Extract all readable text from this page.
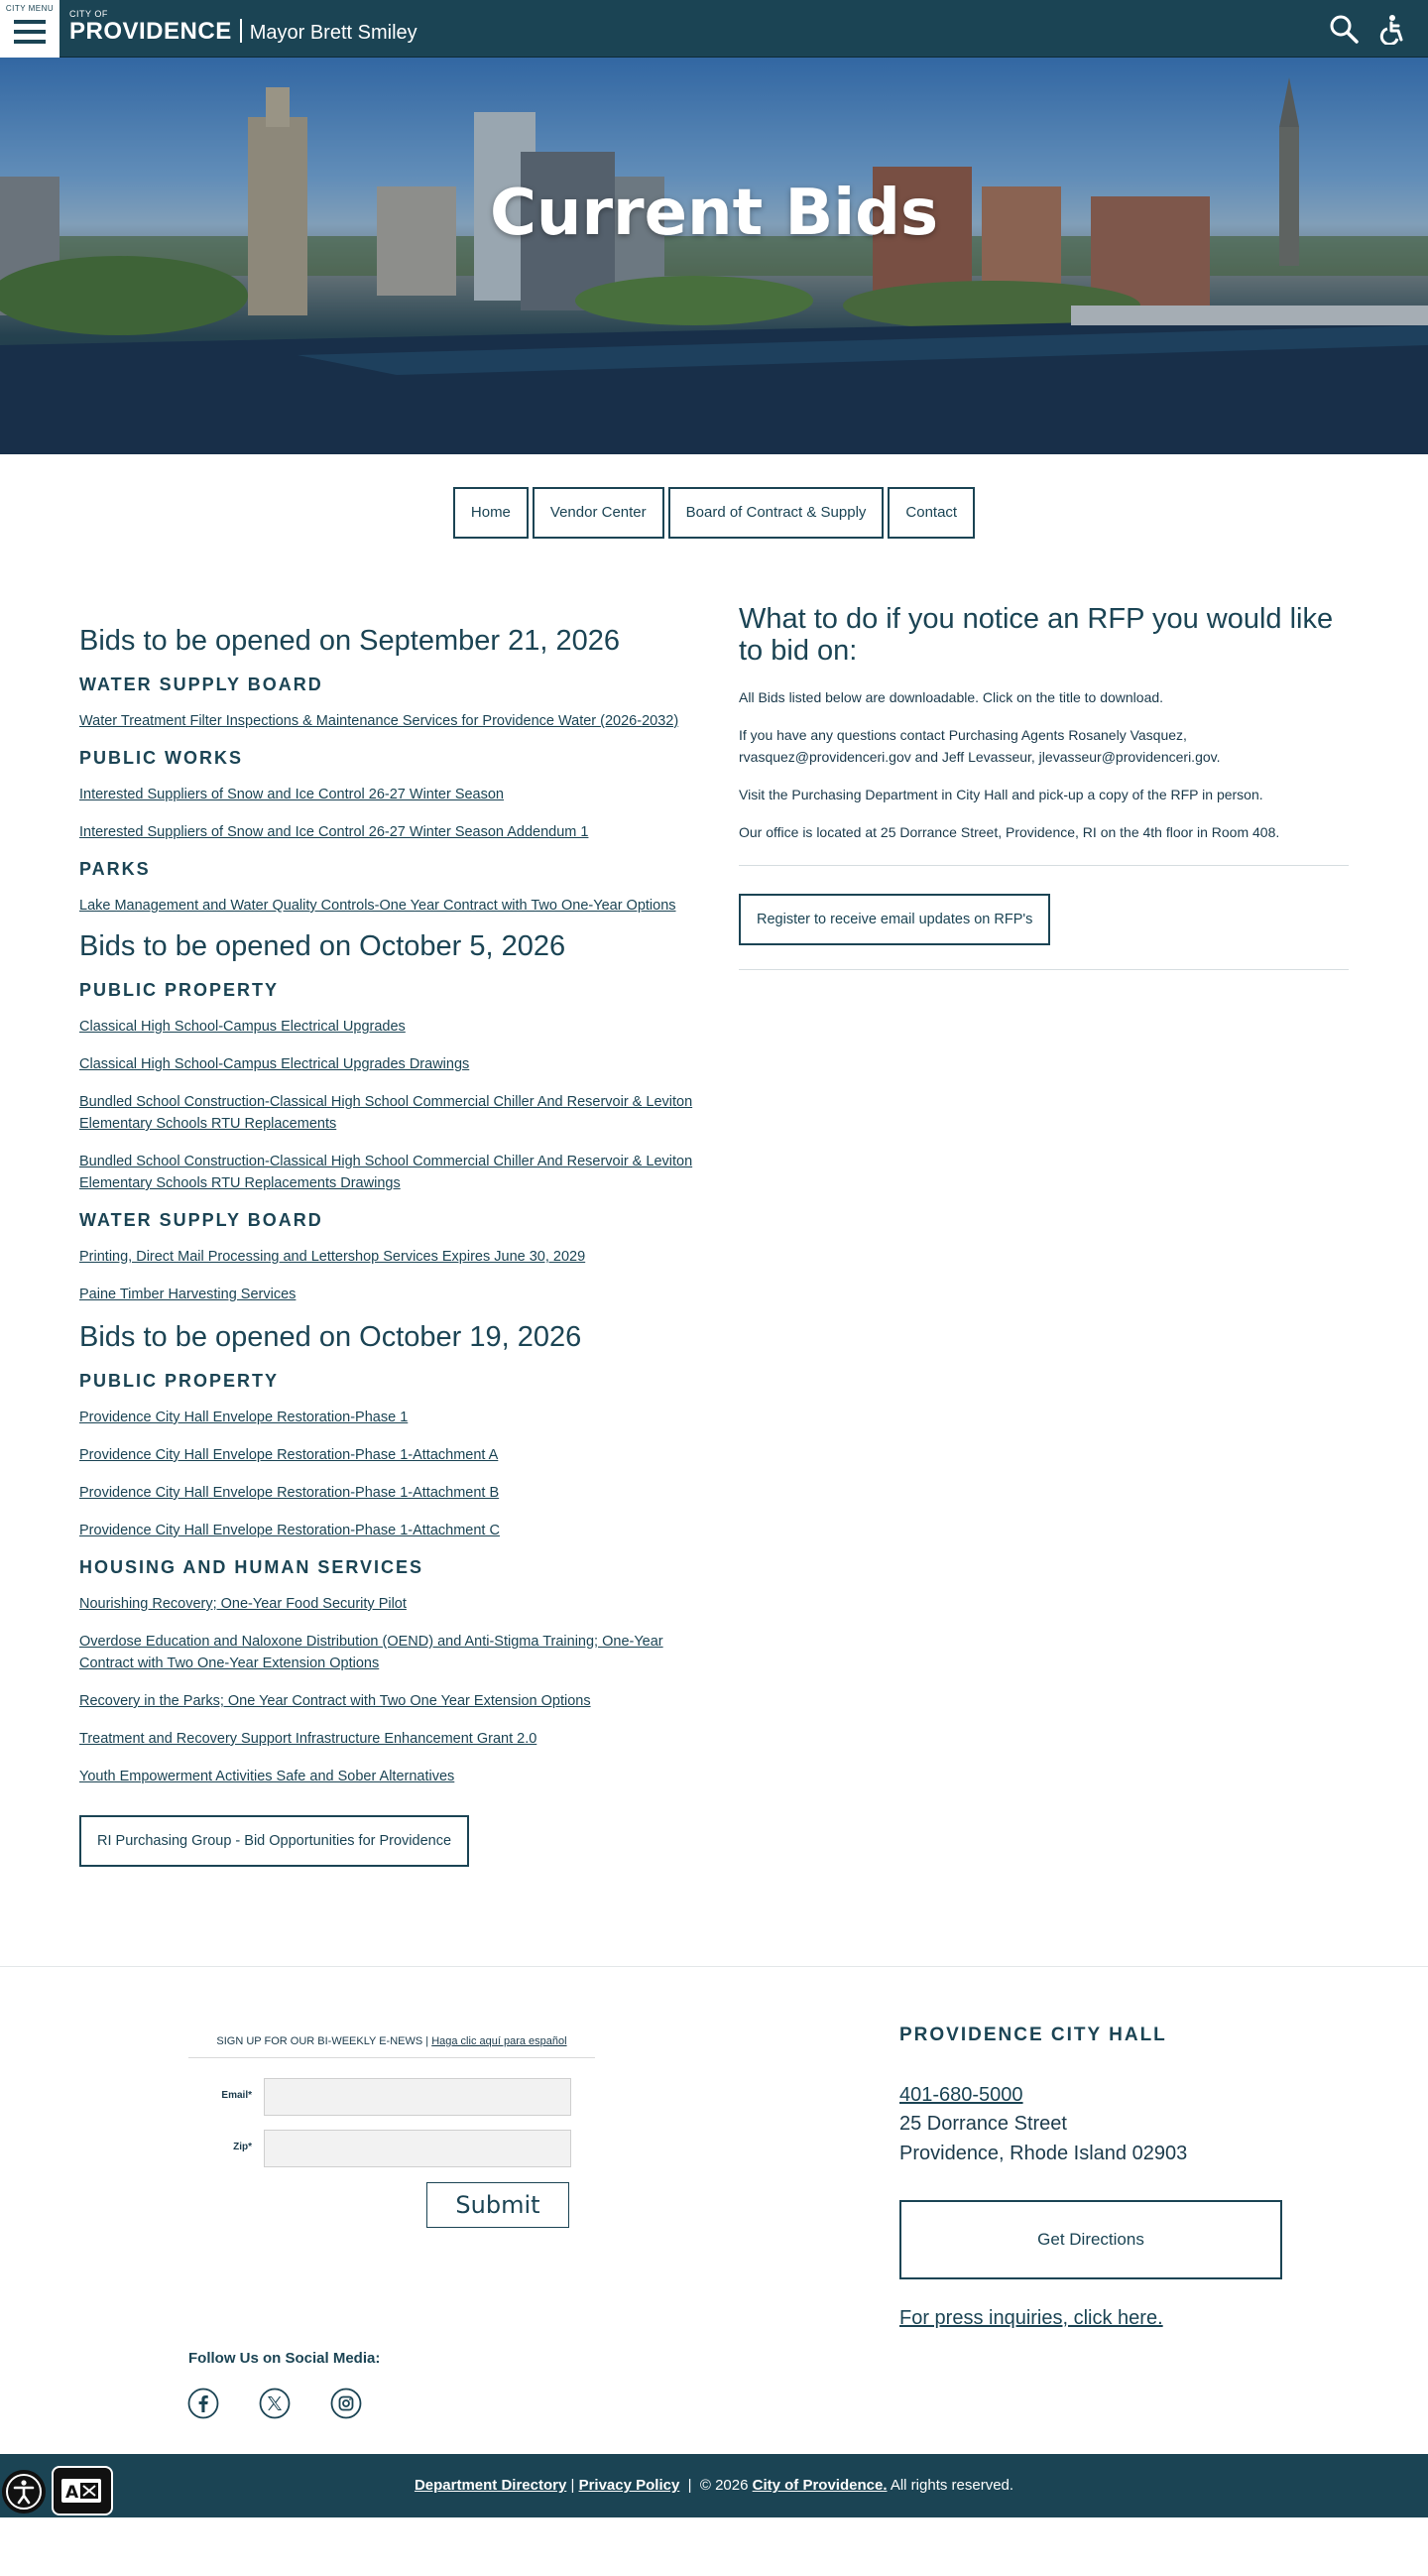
CITY MENU
CITY OF
PROVIDENCE Mayor Brett Smiley
Current Bids
Home	Vendor Center	Board of Contract & Supply	Contact
Bids to be opened on September 21, 2026
WATER SUPPLY BOARD
Water Treatment Filter Inspections & Maintenance Services for Providence Water (2026-2032)
PUBLIC WORKS
Interested Suppliers of Snow and Ice Control 26-27 Winter Season
Interested Suppliers of Snow and Ice Control 26-27 Winter Season Addendum 1
PARKS
Lake Management and Water Quality Controls-One Year Contract with Two One-Year Options
Bids to be opened on October 5, 2026
PUBLIC PROPERTY
Classical High School-Campus Electrical Upgrades
Classical High School-Campus Electrical Upgrades Drawings
Bundled School Construction-Classical High School Commercial Chiller And Reservoir & Leviton Elementary Schools RTU Replacements
Bundled School Construction-Classical High School Commercial Chiller And Reservoir & Leviton Elementary Schools RTU Replacements Drawings
WATER SUPPLY BOARD
Printing, Direct Mail Processing and Lettershop Services Expires June 30, 2029
Paine Timber Harvesting Services
Bids to be opened on October 19, 2026
PUBLIC PROPERTY
Providence City Hall Envelope Restoration-Phase 1
Providence City Hall Envelope Restoration-Phase 1-Attachment A
Providence City Hall Envelope Restoration-Phase 1-Attachment B
Providence City Hall Envelope Restoration-Phase 1-Attachment C
HOUSING AND HUMAN SERVICES
Nourishing Recovery; One-Year Food Security Pilot
Overdose Education and Naloxone Distribution (OEND) and Anti-Stigma Training; One-Year Contract with Two One-Year Extension Options
Recovery in the Parks; One Year Contract with Two One Year Extension Options
Treatment and Recovery Support Infrastructure Enhancement Grant 2.0
Youth Empowerment Activities Safe and Sober Alternatives
RI Purchasing Group - Bid Opportunities for Providence
What to do if you notice an RFP you would like to bid on:

All Bids listed below are downloadable. Click on the title to download.

If you have any questions contact Purchasing Agents Rosanely Vasquez, rvasquez@providenceri.gov and Jeff Levasseur, jlevasseur@providenceri.gov.

Visit the Purchasing Department in City Hall and pick-up a copy of the RFP in person.

Our office is located at 25 Dorrance Street, Providence, RI on the 4th floor in Room 408.

Register to receive email updates on RFP's
SIGN UP FOR OUR BI-WEEKLY E-NEWS | Haga clic aquí para español
Email*
Zip*
Submit
Follow Us on Social Media:
PROVIDENCE CITY HALL
401-680-5000
25 Dorrance Street
Providence, Rhode Island 02903
Get Directions
For press inquiries, click here.
Department Directory | Privacy Policy  |  © 2026 City of Providence. All rights reserved.
A
